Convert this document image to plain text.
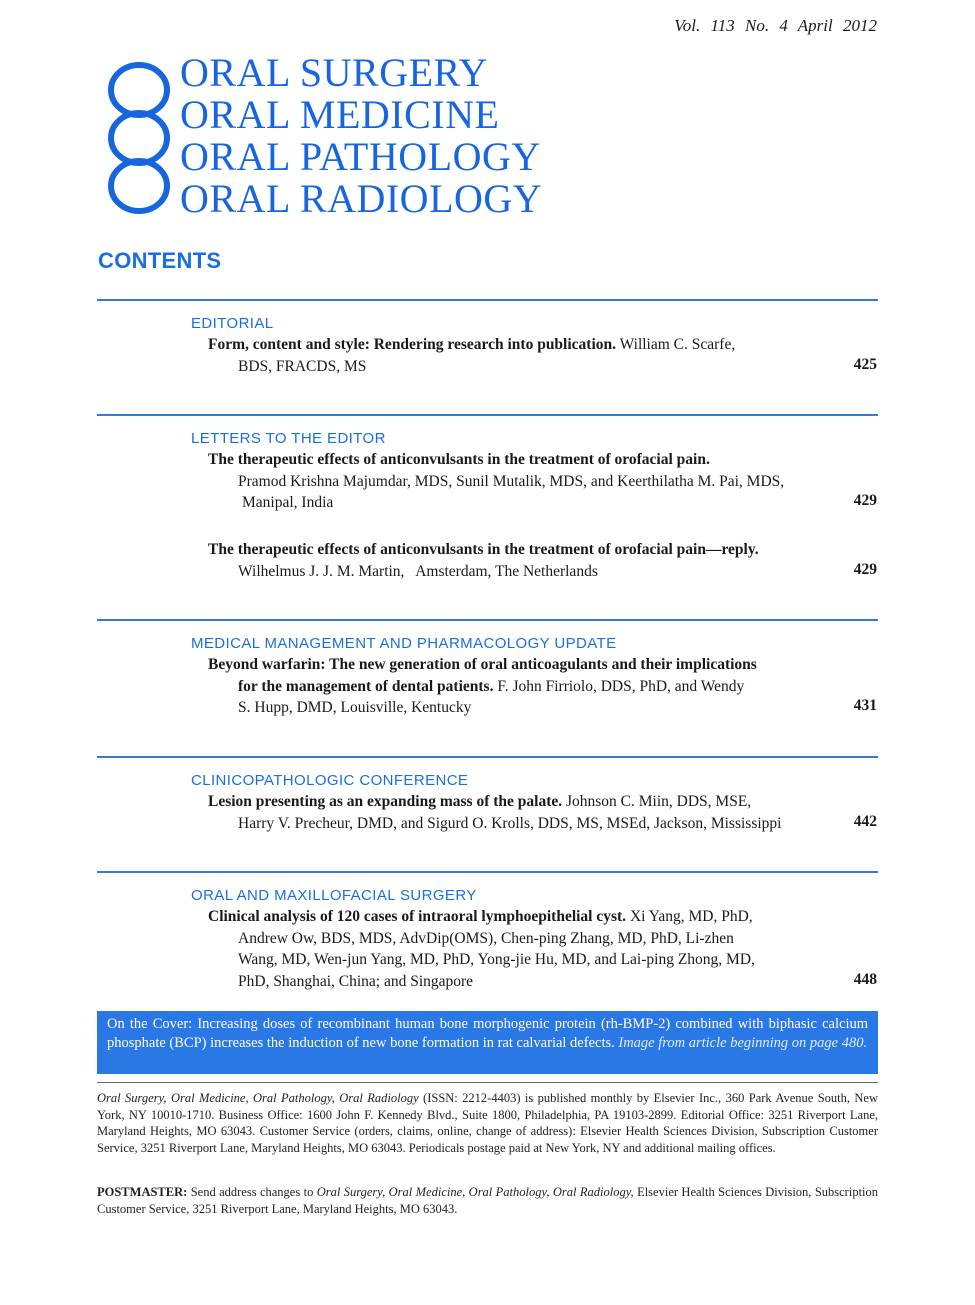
Vol. 113 No. 4 April 2012
ORAL SURGERY
ORAL MEDICINE
ORAL PATHOLOGY
ORAL RADIOLOGY
CONTENTS
EDITORIAL
Form, content and style: Rendering research into publication. William C. Scarfe,
BDS, FRACDS, MS	425
LETTERS TO THE EDITOR
The therapeutic effects of anticonvulsants in the treatment of orofacial pain.
Pramod Krishna Majumdar, MDS, Sunil Mutalik, MDS, and Keerthilatha M. Pai, MDS,
Manipal, India	429
The therapeutic effects of anticonvulsants in the treatment of orofacial pain—reply.
Wilhelmus J. J. M. Martin,   Amsterdam, The Netherlands	429
MEDICAL MANAGEMENT AND PHARMACOLOGY UPDATE
Beyond warfarin: The new generation of oral anticoagulants and their implications
for the management of dental patients. F. John Firriolo, DDS, PhD, and Wendy
S. Hupp, DMD, Louisville, Kentucky	431
CLINICOPATHOLOGIC CONFERENCE
Lesion presenting as an expanding mass of the palate. Johnson C. Miin, DDS, MSE,
Harry V. Precheur, DMD, and Sigurd O. Krolls, DDS, MS, MSEd, Jackson, Mississippi	442
ORAL AND MAXILLOFACIAL SURGERY
Clinical analysis of 120 cases of intraoral lymphoepithelial cyst. Xi Yang, MD, PhD,
Andrew Ow, BDS, MDS, AdvDip(OMS), Chen-ping Zhang, MD, PhD, Li-zhen
Wang, MD, Wen-jun Yang, MD, PhD, Yong-jie Hu, MD, and Lai-ping Zhong, MD,
PhD, Shanghai, China; and Singapore	448
On the Cover: Increasing doses of recombinant human bone morphogenic protein (rh-BMP-2) combined with biphasic calcium phosphate (BCP) increases the induction of new bone formation in rat calvarial defects. Image from article beginning on page 480.
Oral Surgery, Oral Medicine, Oral Pathology, Oral Radiology (ISSN: 2212-4403) is published monthly by Elsevier Inc., 360 Park Avenue South, New York, NY 10010-1710. Business Office: 1600 John F. Kennedy Blvd., Suite 1800, Philadelphia, PA 19103-2899. Editorial Office: 3251 Riverport Lane, Maryland Heights, MO 63043. Customer Service (orders, claims, online, change of address): Elsevier Health Sciences Division, Subscription Customer Service, 3251 Riverport Lane, Maryland Heights, MO 63043. Periodicals postage paid at New York, NY and additional mailing offices.
POSTMASTER: Send address changes to Oral Surgery, Oral Medicine, Oral Pathology, Oral Radiology, Elsevier Health Sciences Division, Subscription Customer Service, 3251 Riverport Lane, Maryland Heights, MO 63043.
